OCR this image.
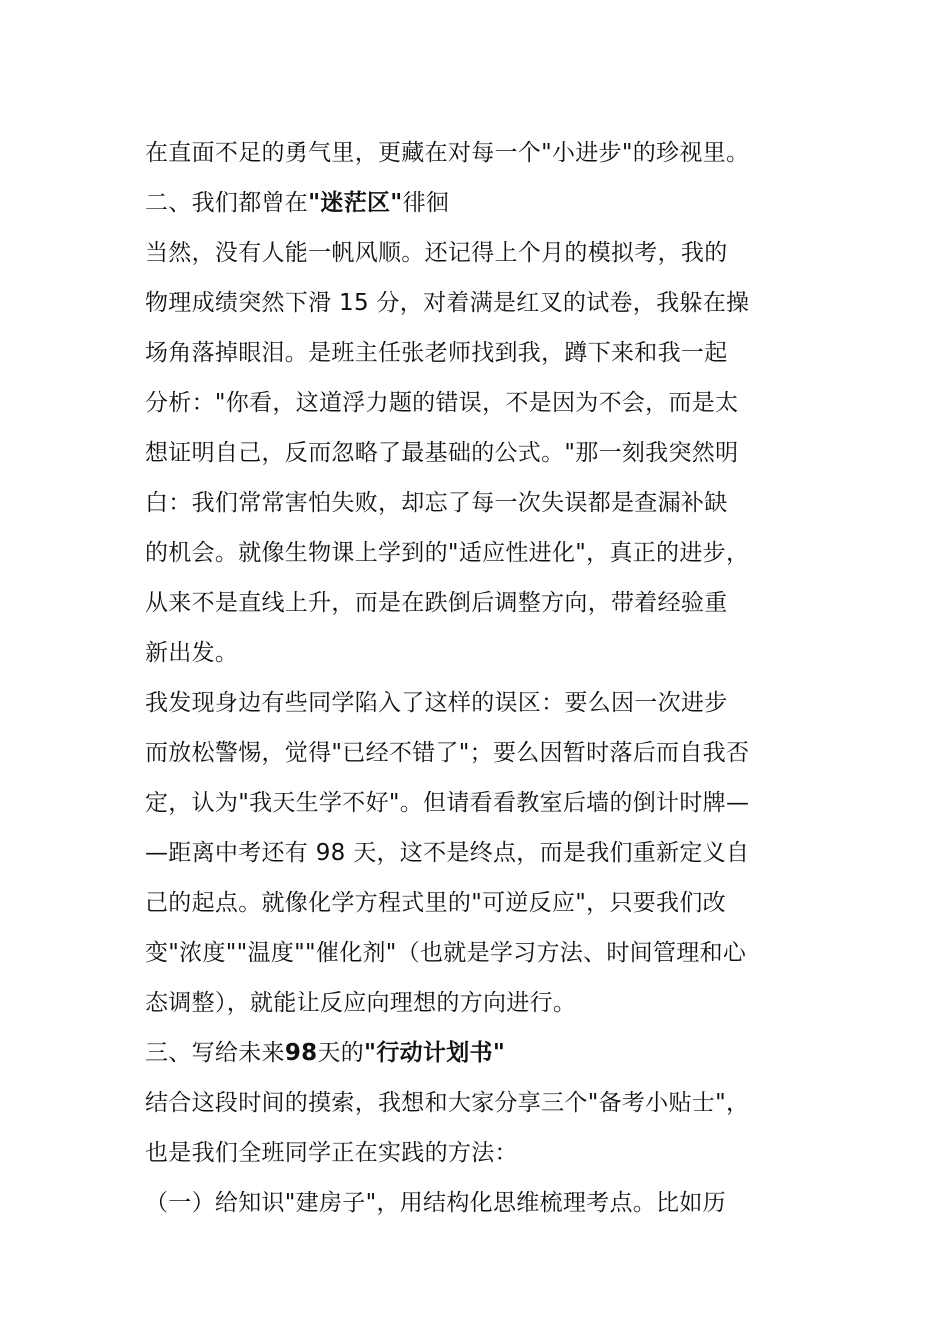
在直面不足的勇气里，更藏在对每一个"小进步"的珍视里。
二、我们都曾在"迷茫区"徘徊
当然，没有人能一帆风顺。还记得上个月的模拟考，我的
物理成绩突然下滑 15 分，对着满是红叉的试卷，我躲在操
场角落掉眼泪。是班主任张老师找到我，蹲下来和我一起
分析："你看，这道浮力题的错误，不是因为不会，而是太
想证明自己，反而忽略了最基础的公式。"那一刻我突然明
白：我们常常害怕失败，却忘了每一次失误都是查漏补缺
的机会。就像生物课上学到的"适应性进化"，真正的进步，
从来不是直线上升，而是在跌倒后调整方向，带着经验重
新出发。
我发现身边有些同学陷入了这样的误区：要么因一次进步
而放松警惕，觉得"已经不错了"；要么因暂时落后而自我否
定，认为"我天生学不好"。但请看看教室后墙的倒计时牌—
—距离中考还有 98 天，这不是终点，而是我们重新定义自
己的起点。就像化学方程式里的"可逆反应"，只要我们改
变"浓度""温度""催化剂"（也就是学习方法、时间管理和心
态调整），就能让反应向理想的方向进行。
三、写给未来98天的"行动计划书"
结合这段时间的摸索，我想和大家分享三个"备考小贴士"，
也是我们全班同学正在实践的方法：
（一）给知识"建房子"，用结构化思维梳理考点。比如历
